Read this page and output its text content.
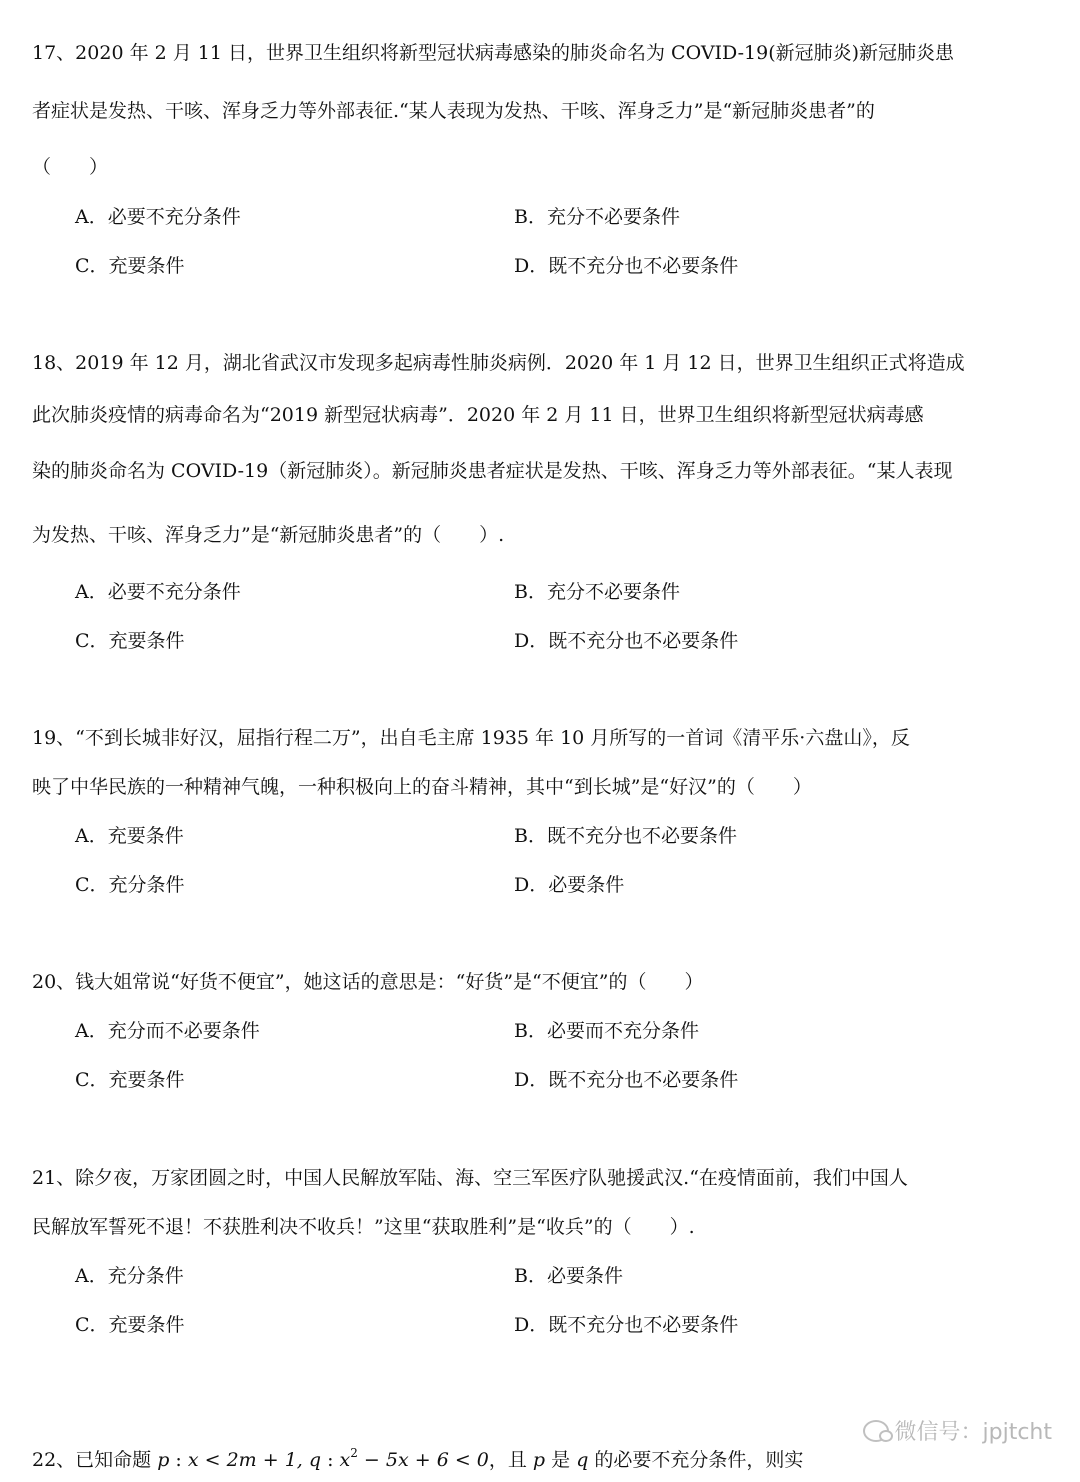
17、2020 年 2 月 11 日，世界卫生组织将新型冠状病毒感染的肺炎命名为 COVID-19(新冠肺炎)新冠肺炎患
者症状是发热、干咳、浑身乏力等外部表征.“某人表现为发热、干咳、浑身乏力”是“新冠肺炎患者”的
（　　）
A．必要不充分条件	B．充分不必要条件
C．充要条件	D．既不充分也不必要条件
18、2019 年 12 月，湖北省武汉市发现多起病毒性肺炎病例．2020 年 1 月 12 日，世界卫生组织正式将造成
此次肺炎疫情的病毒命名为“2019 新型冠状病毒”．2020 年 2 月 11 日，世界卫生组织将新型冠状病毒感
染的肺炎命名为 COVID-19（新冠肺炎）。新冠肺炎患者症状是发热、干咳、浑身乏力等外部表征。“某人表现
为发热、干咳、浑身乏力”是“新冠肺炎患者”的（　　）.
A．必要不充分条件	B．充分不必要条件
C．充要条件	D．既不充分也不必要条件
19、“不到长城非好汉，屈指行程二万”，出自毛主席 1935 年 10 月所写的一首词《清平乐·六盘山》，反
映了中华民族的一种精神气魄，一种积极向上的奋斗精神，其中“到长城”是“好汉”的（　　）
A．充要条件	B．既不充分也不必要条件
C．充分条件	D．必要条件
20、钱大姐常说“好货不便宜”，她这话的意思是：“好货”是“不便宜”的（　　）
A．充分而不必要条件	B．必要而不充分条件
C．充要条件	D．既不充分也不必要条件
21、除夕夜，万家团圆之时，中国人民解放军陆、海、空三军医疗队驰援武汉.“在疫情面前，我们中国人
民解放军誓死不退！不获胜利决不收兵！”这里“获取胜利”是“收兵”的（　　）.
A．充分条件	B．必要条件
C．充要条件	D．既不充分也不必要条件
22、已知命题 p : x < 2m + 1, q : $x^2 - 5x + 6 < 0$，且 p 是 q 的必要不充分条件，则实
微信号：jpjtcht
